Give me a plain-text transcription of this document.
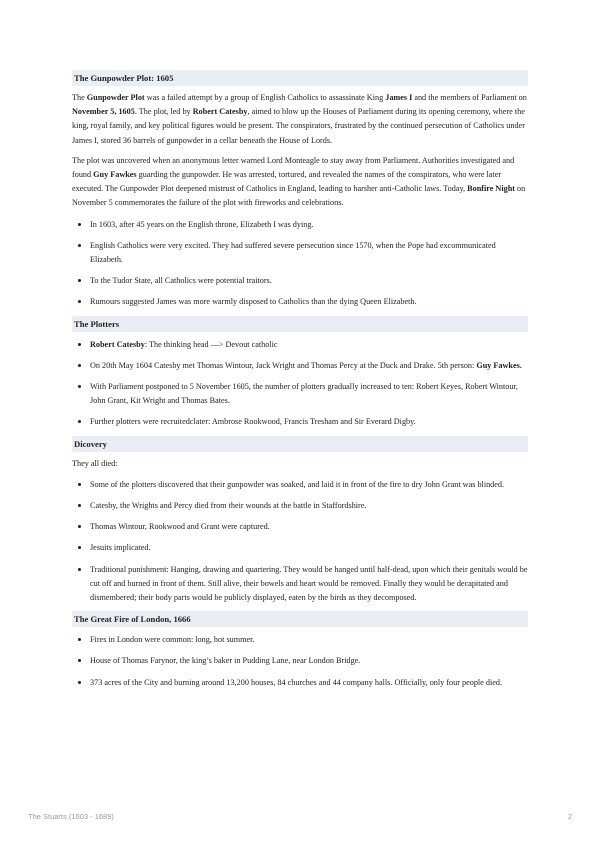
The Gunpowder Plot: 1605

The Gunpowder Plot was a failed attempt by a group of English Catholics to assassinate King James I and the members of Parliament on November 5, 1605. The plot, led by Robert Catesby, aimed to blow up the Houses of Parliament during its opening ceremony, where the king, royal family, and key political figures would be present. The conspirators, frustrated by the continued persecution of Catholics under James I, stored 36 barrels of gunpowder in a cellar beneath the House of Lords.

The plot was uncovered when an anonymous letter warned Lord Monteagle to stay away from Parliament. Authorities investigated and found Guy Fawkes guarding the gunpowder. He was arrested, tortured, and revealed the names of the conspirators, who were later executed. The Gunpowder Plot deepened mistrust of Catholics in England, leading to harsher anti-Catholic laws. Today, Bonfire Night on November 5 commemorates the failure of the plot with fireworks and celebrations.

• In 1603, after 45 years on the English throne, Elizabeth I was dying.
• English Catholics were very excited. They had suffered severe persecution since 1570, when the Pope had excommunicated Elizabeth.
• To the Tudor State, all Catholics were potential traitors.
• Rumours suggested James was more warmly disposed to Catholics than the dying Queen Elizabeth.
The Plotters
• Robert Catesby: The thinking head —> Devout catholic
• On 20th May 1604 Catesby met Thomas Wintour, Jack Wright and Thomas Percy at the Duck and Drake. 5th person: Guy Fawkes.
• With Parliament postponed to 5 November 1605, the number of plotters gradually increased to ten: Robert Keyes, Robert Wintour, John Grant, Kit Wright and Thomas Bates.
• Further plotters were recruitedclater: Ambrose Rookwood, Francis Tresham and Sir Everard Digby.
Dicovery

They all died:

• Some of the plotters discovered that their gunpowder was soaked, and laid it in front of the fire to dry John Grant was blinded.
• Catesby, the Wrights and Percy died from their wounds at the battle in Staffordshire.
• Thomas Wintour, Rookwood and Grant were captured.
• Jesuits implicated.
• Traditional punishment: Hanging, drawing and quartering. They would be hanged until half-dead, upon which their genitals would be cut off and burned in front of them. Still alive, their bowels and heart would be removed. Finally they would be decapitated and dismembered; their body parts would be publicly displayed, eaten by the birds as they decomposed.
The Great Fire of London, 1666
• Fires in London were common: long, hot summer.
• House of Thomas Farynor, the king’s baker in Pudding Lane, near London Bridge.
• 373 acres of the City and burning around 13,200 houses, 84 churches and 44 company halls. Officially, only four people died.
The Stuarts (1603 - 1689)	2
